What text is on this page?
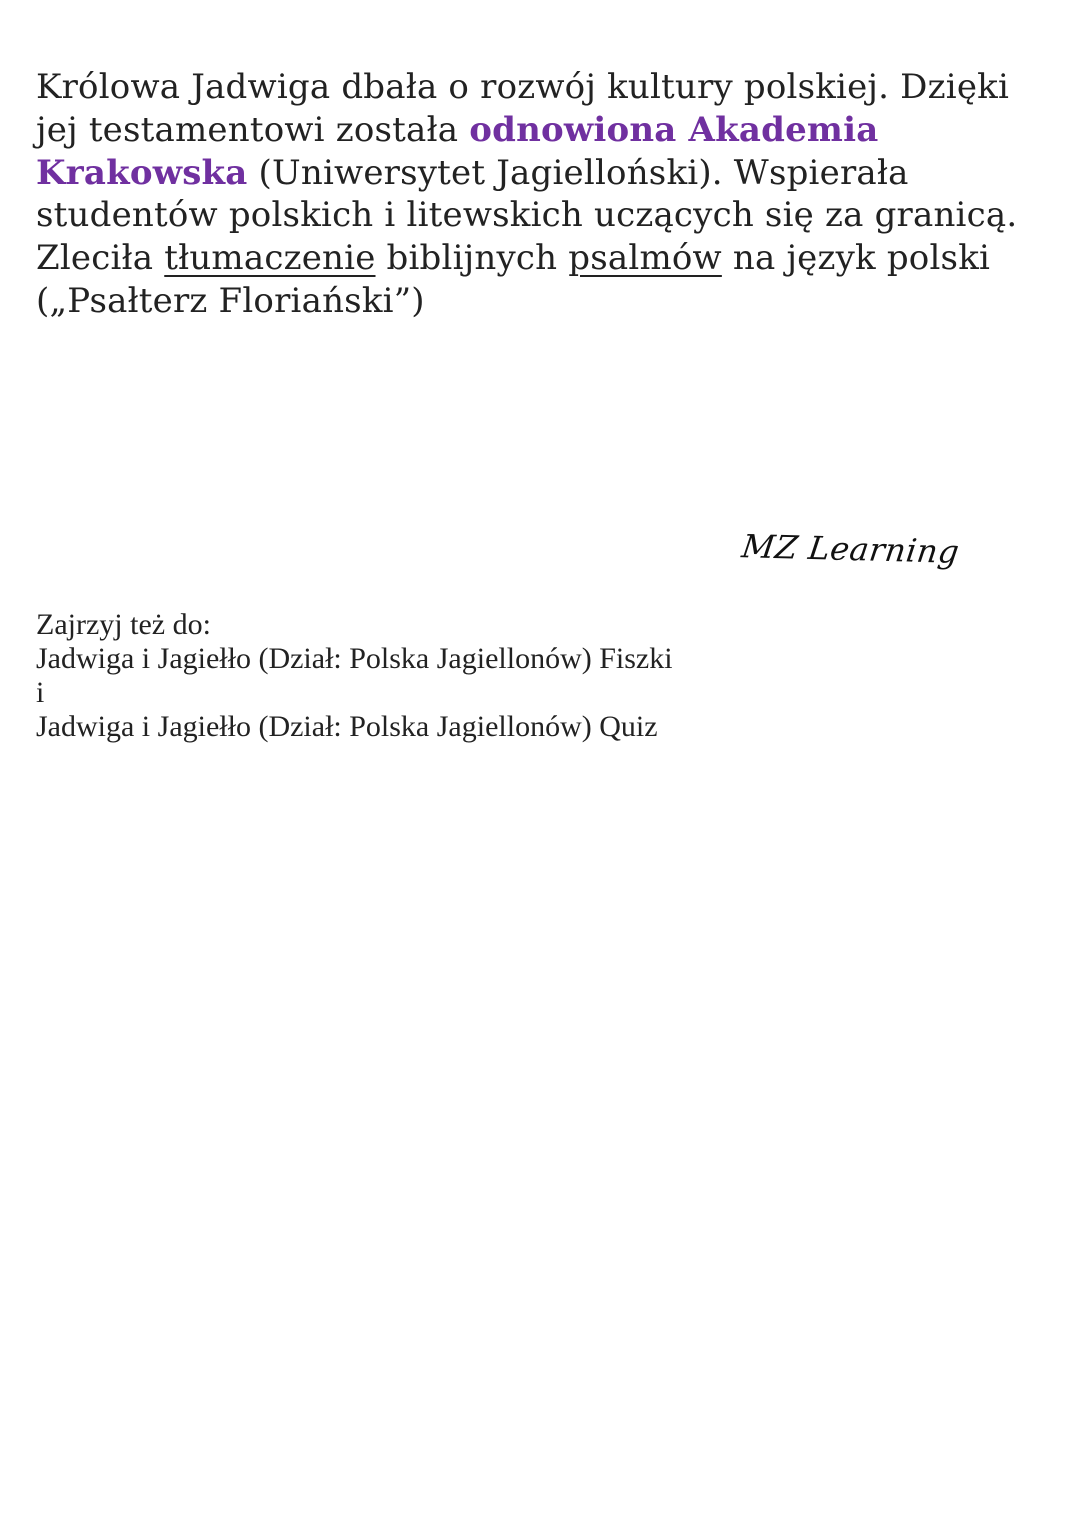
Królowa Jadwiga dbała o rozwój kultury polskiej. Dzięki jej testamentowi została odnowiona Akademia Krakowska (Uniwersytet Jagielloński). Wspierała studentów polskich i litewskich uczących się za granicą. Zleciła tłumaczenie biblijnych psalmów na język polski („Psałterz Floriański”)

MZ Learning
Zajrzyj też do:
Jadwiga i Jagiełło (Dział: Polska Jagiellonów) Fiszki
i
Jadwiga i Jagiełło (Dział: Polska Jagiellonów) Quiz
